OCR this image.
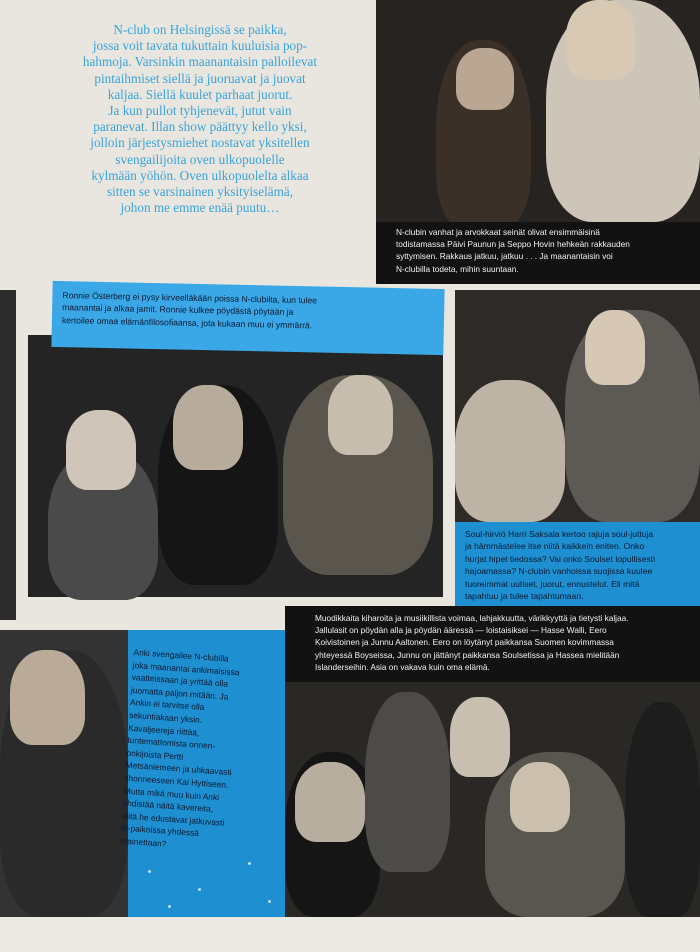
N-club on Helsingissä se paikka,
jossa voit tavata tukuttain kuuluisia pop-
hahmoja. Varsinkin maanantaisin palloilevat
pintaihmiset siellä ja juoruavat ja juovat
kaljaa. Siellä kuulet parhaat juorut.
Ja kun pullot tyhjenevät, jutut vain
paranevat. Illan show päättyy kello yksi,
jolloin järjestysmiehet nostavat yksitellen
svengailijoita oven ulkopuolelle
kylmään yöhön. Oven ulkopuolelta alkaa
sitten se varsinainen yksityiselämä,
johon me emme enää puutu…
N-clubin vanhat ja arvokkaat seinät olivat ensimmäisinä
todistamassa Päivi Paunun ja Seppo Hovin hehkeän rakkauden
syttymisen. Rakkaus jatkuu, jatkuu . . . Ja maanantaisin voi
N-clubilla todeta, mihin suuntaan.
Ronnie Österberg ei pysy kirveelläkään poissa N-clubilta, kun tulee
maanantai ja alkaa jamit. Ronnie kulkee pöydästä pöytään ja
kertoilee omaa elämänfilosofiaansa, jota kukaan muu ei ymmärrä.
Soul-hirviö Harri Saksala kertoo rajuja soul-juttuja
ja hämmästelee itse niitä kaikkein eniten. Onko
hurjat hipet tiedossa? Vai onko Soulset lopullisesti
hajoamassa? N-clubin vanhoissa suojissa kuulee
tuoreimmat uutiset, juorut, ennustelut. Eli mitä
tapahtuu ja tulee tapahtumaan.
Muodikkaita kiharoita ja musiikillista voimaa, lahjakkuutta, värikkyyttä ja tietysti kaljaa.
Jallulasit on pöydän alla ja pöydän ääressä — loistaisiksei — Hasse Walli, Eero
Koivistoinen ja Junnu Aaltonen. Eero on löytänyt paikkansa Suomen kovimmassa
yhteyessä Boyseissa, Junnu on jättänyt paikkansa Soulsetissa ja Hassea mielitään
Islanderseihin. Asia on vakava kuin oma elämä.
Anki svengailee N-clubilla
joka maanantai ankimaisissa
vaatteissaan ja yrittää olla
juomatta paljon mitään. Ja
Ankin ei tarvitse olla
sekuntiakaan yksin.
Kavaljeereja riittää,
tuntemattomista onnen-
onkijoista Pertti
Metsäniemeen ja uhkaavasti
lihonneeseen Kai Hyttiseen.
Mutta mikä muu kuin Anki
yhdistää näitä kavereita,
siitä he edustavat jatkuvasti
in-paikoissa yhdessä
mainettaan?
